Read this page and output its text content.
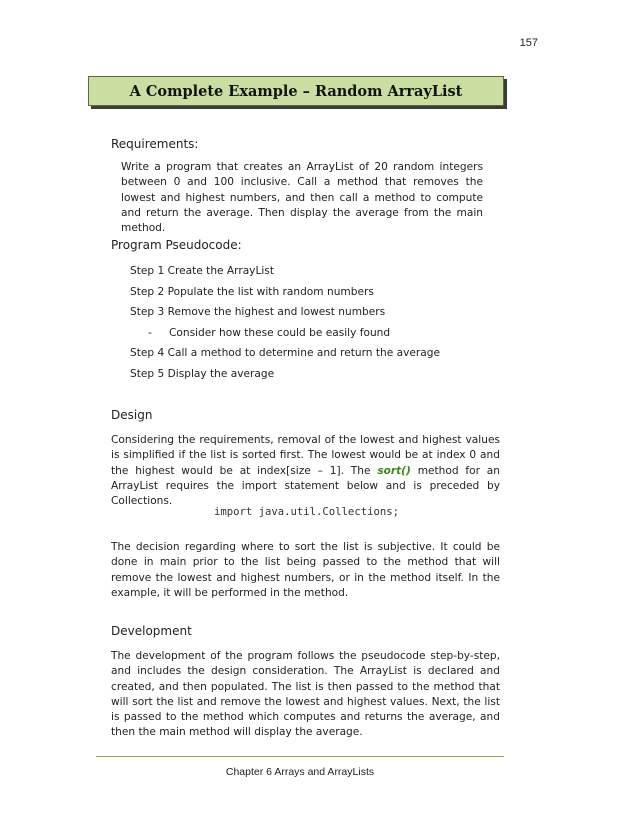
157
A Complete Example – Random ArrayList
Requirements:
Write a program that creates an ArrayList of 20 random integers between 0 and 100 inclusive. Call a method that removes the lowest and highest numbers, and then call a method to compute and return the average. Then display the average from the main method.
Program Pseudocode:
Step 1 Create the ArrayList
Step 2 Populate the list with random numbers
Step 3 Remove the highest and lowest numbers
- Consider how these could be easily found
Step 4 Call a method to determine and return the average
Step 5 Display the average
Design
Considering the requirements, removal of the lowest and highest values is simplified if the list is sorted first. The lowest would be at index 0 and the highest would be at index[size – 1]. The sort() method for an ArrayList requires the import statement below and is preceded by Collections.
import java.util.Collections;
The decision regarding where to sort the list is subjective. It could be done in main prior to the list being passed to the method that will remove the lowest and highest numbers, or in the method itself. In the example, it will be performed in the method.
Development
The development of the program follows the pseudocode step-by-step, and includes the design consideration. The ArrayList is declared and created, and then populated. The list is then passed to the method that will sort the list and remove the lowest and highest values. Next, the list is passed to the method which computes and returns the average, and then the main method will display the average.
Chapter 6 Arrays and ArrayLists
